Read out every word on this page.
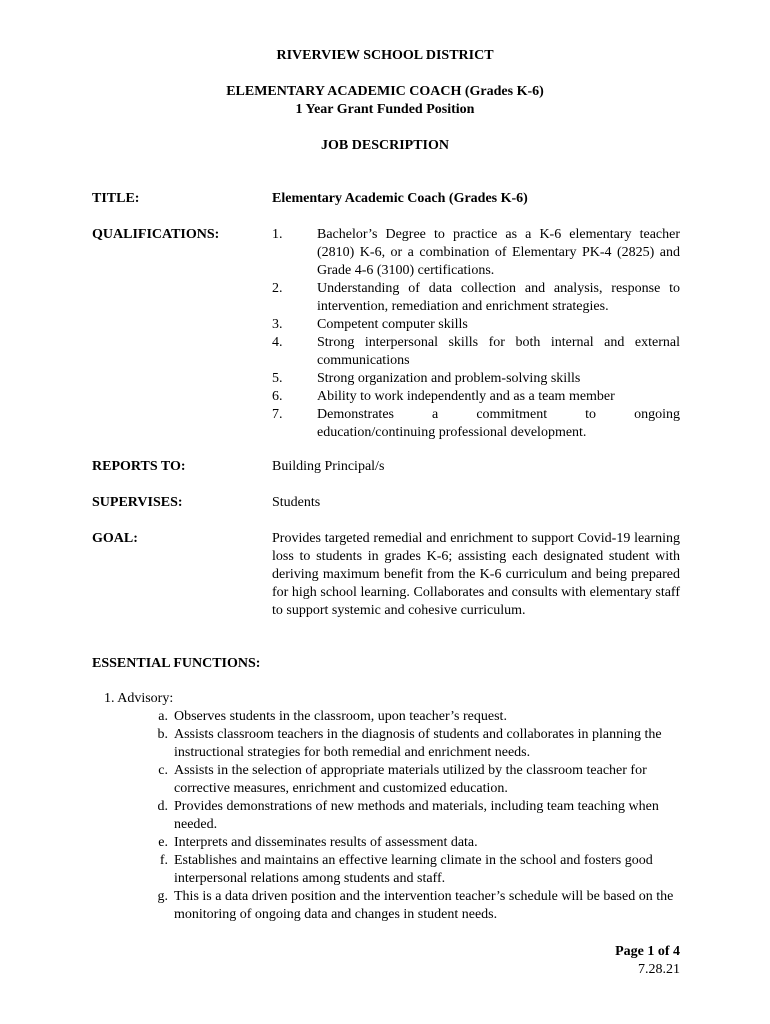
RIVERVIEW SCHOOL DISTRICT
ELEMENTARY ACADEMIC COACH (Grades K-6)
1 Year Grant Funded Position
JOB DESCRIPTION
TITLE:	Elementary Academic Coach (Grades K-6)
QUALIFICATIONS:	1. Bachelor’s Degree to practice as a K-6 elementary teacher (2810) K-6, or a combination of Elementary PK-4 (2825) and Grade 4-6 (3100) certifications.
2. Understanding of data collection and analysis, response to intervention, remediation and enrichment strategies.
3. Competent computer skills
4. Strong interpersonal skills for both internal and external communications
5. Strong organization and problem-solving skills
6. Ability to work independently and as a team member
7. Demonstrates a commitment to ongoing
education/continuing professional development.
REPORTS TO:	Building Principal/s
SUPERVISES:	Students
GOAL:	Provides targeted remedial and enrichment to support Covid-19 learning loss to students in grades K-6; assisting each designated student with deriving maximum benefit from the K-6 curriculum and being prepared for high school learning. Collaborates and consults with elementary staff to support systemic and cohesive curriculum.
ESSENTIAL FUNCTIONS:
1. Advisory:
a. Observes students in the classroom, upon teacher’s request.
b. Assists classroom teachers in the diagnosis of students and collaborates in planning the instructional strategies for both remedial and enrichment needs.
c. Assists in the selection of appropriate materials utilized by the classroom teacher for corrective measures, enrichment and customized education.
d. Provides demonstrations of new methods and materials, including team teaching when needed.
e. Interprets and disseminates results of assessment data.
f. Establishes and maintains an effective learning climate in the school and fosters good interpersonal relations among students and staff.
g. This is a data driven position and the intervention teacher’s schedule will be based on the monitoring of ongoing data and changes in student needs.
Page 1 of 4
7.28.21
